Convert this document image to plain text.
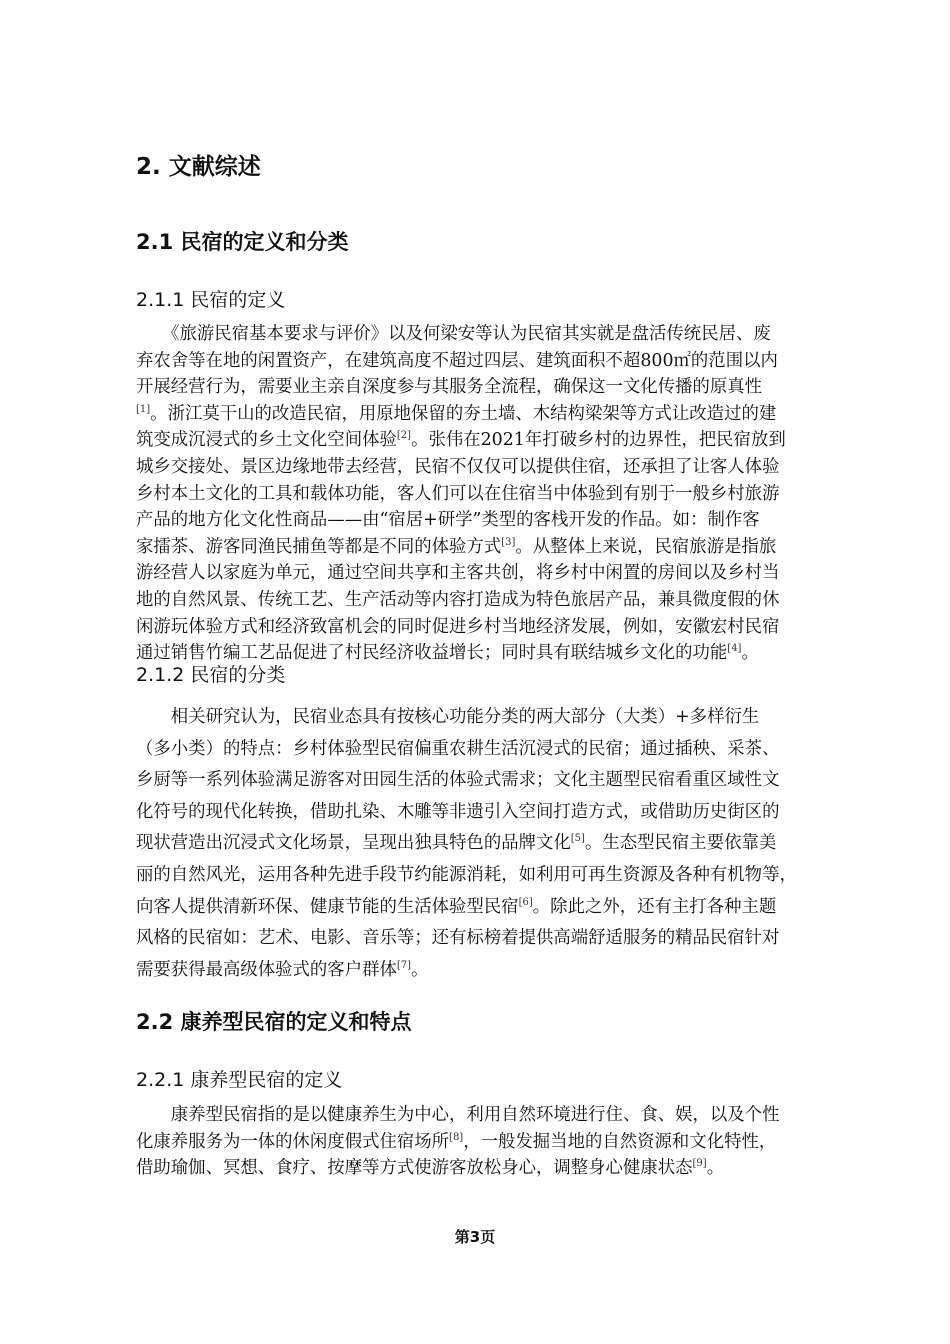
2. 文献综述
2.1 民宿的定义和分类
2.1.1 民宿的定义

　　《旅游民宿基本要求与评价》以及何梁安等认为民宿其实就是盘活传统民居、废

弃农舍等在地的闲置资产，在建筑高度不超过四层、建筑面积不超800㎡的范围以内

开展经营行为，需要业主亲自深度参与其服务全流程，确保这一文化传播的原真性

[1]。浙江莫干山的改造民宿，用原地保留的夯土墙、木结构梁架等方式让改造过的建

筑变成沉浸式的乡土文化空间体验[2]。张伟在2021年打破乡村的边界性，把民宿放到

城乡交接处、景区边缘地带去经营，民宿不仅仅可以提供住宿，还承担了让客人体验

乡村本土文化的工具和载体功能，客人们可以在住宿当中体验到有别于一般乡村旅游

产品的地方化文化性商品——由“宿居+研学”类型的客栈开发的作品。如：制作客

家擂茶、游客同渔民捕鱼等都是不同的体验方式[3]。从整体上来说，民宿旅游是指旅

游经营人以家庭为单元，通过空间共享和主客共创，将乡村中闲置的房间以及乡村当

地的自然风景、传统工艺、生产活动等内容打造成为特色旅居产品，兼具微度假的休

闲游玩体验方式和经济致富机会的同时促进乡村当地经济发展，例如，安徽宏村民宿

通过销售竹编工艺品促进了村民经济收益增长；同时具有联结城乡文化的功能[4]。

2.1.2 民宿的分类

　　相关研究认为，民宿业态具有按核心功能分类的两大部分（大类）+多样衍生

（多小类）的特点：乡村体验型民宿偏重农耕生活沉浸式的民宿；通过插秧、采茶、

乡厨等一系列体验满足游客对田园生活的体验式需求；文化主题型民宿看重区域性文

化符号的现代化转换，借助扎染、木雕等非遗引入空间打造方式，或借助历史街区的

现状营造出沉浸式文化场景，呈现出独具特色的品牌文化[5]。生态型民宿主要依靠美

丽的自然风光，运用各种先进手段节约能源消耗，如利用可再生资源及各种有机物等，

向客人提供清新环保、健康节能的生活体验型民宿[6]。除此之外，还有主打各种主题

风格的民宿如：艺术、电影、音乐等；还有标榜着提供高端舒适服务的精品民宿针对

需要获得最高级体验式的客户群体[7]。

2.2 康养型民宿的定义和特点
2.2.1 康养型民宿的定义

　　康养型民宿指的是以健康养生为中心，利用自然环境进行住、食、娱，以及个性

化康养服务为一体的休闲度假式住宿场所[8]，一般发掘当地的自然资源和文化特性，

借助瑜伽、冥想、食疗、按摩等方式使游客放松身心，调整身心健康状态[9]。

第3页
